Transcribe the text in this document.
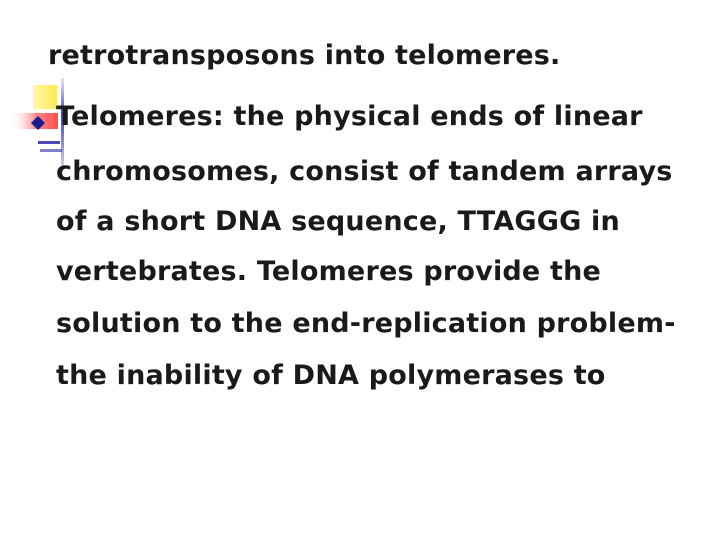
retrotransposons into telomeres.
Telomeres: the physical ends of linear
chromosomes, consist of tandem arrays
of a short DNA sequence, TTAGGG in
vertebrates. Telomeres provide the
solution to the end-replication problem-
the inability of DNA polymerases to
